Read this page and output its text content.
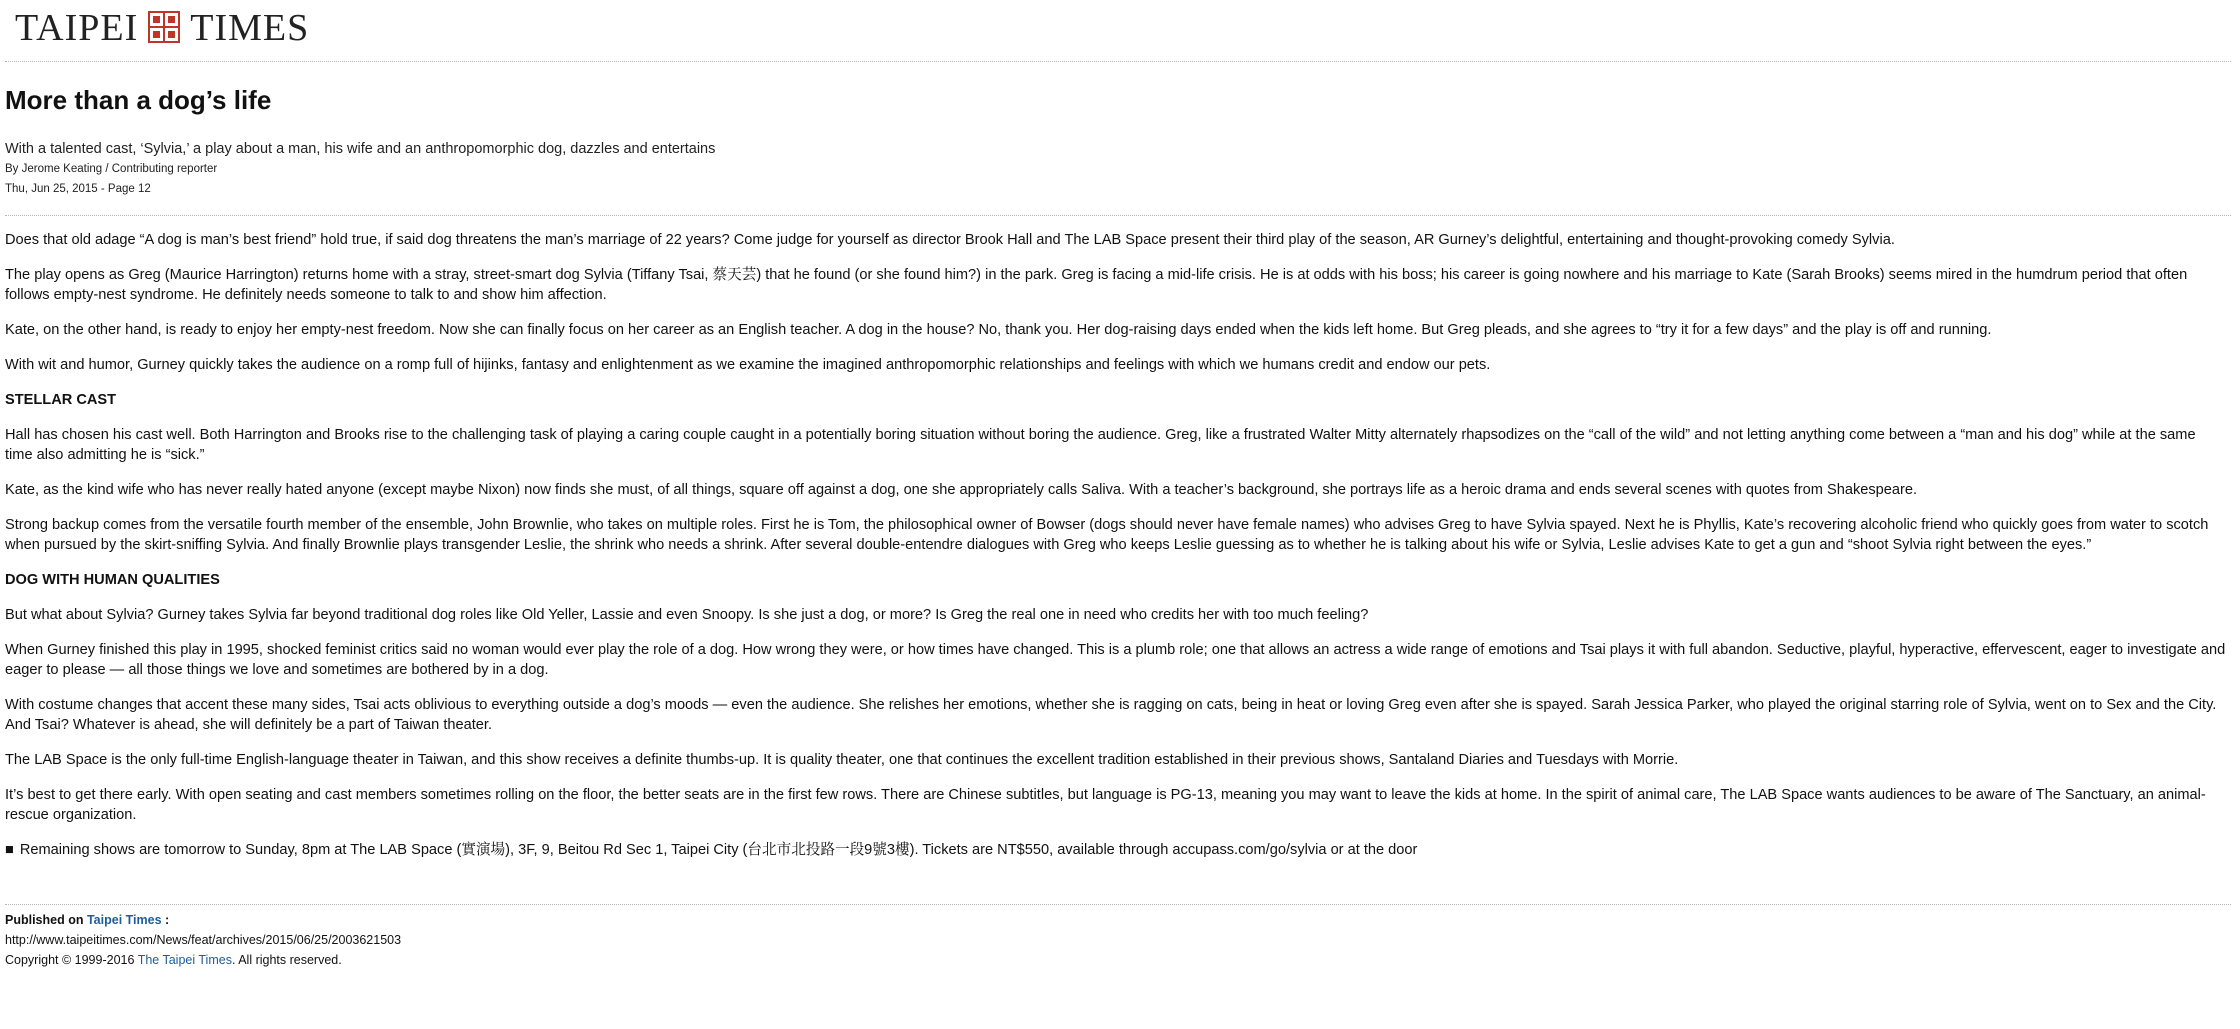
TAIPEI TIMES
More than a dog’s life
With a talented cast, ‘Sylvia,’ a play about a man, his wife and an anthropomorphic dog, dazzles and entertains
By Jerome Keating / Contributing reporter
Thu, Jun 25, 2015 - Page 12

Does that old adage “A dog is man’s best friend” hold true, if said dog threatens the man’s marriage of 22 years? Come judge for yourself as director Brook Hall and The LAB Space present their third play of the season, AR Gurney’s delightful, entertaining and thought-provoking comedy Sylvia.

The play opens as Greg (Maurice Harrington) returns home with a stray, street-smart dog Sylvia (Tiffany Tsai, 蔡天芸) that he found (or she found him?) in the park. Greg is facing a mid-life crisis. He is at odds with his boss; his career is going nowhere and his marriage to Kate (Sarah Brooks) seems mired in the humdrum period that often follows empty-nest syndrome. He definitely needs someone to talk to and show him affection.

Kate, on the other hand, is ready to enjoy her empty-nest freedom. Now she can finally focus on her career as an English teacher. A dog in the house? No, thank you. Her dog-raising days ended when the kids left home. But Greg pleads, and she agrees to “try it for a few days” and the play is off and running.

With wit and humor, Gurney quickly takes the audience on a romp full of hijinks, fantasy and enlightenment as we examine the imagined anthropomorphic relationships and feelings with which we humans credit and endow our pets.

STELLAR CAST

Hall has chosen his cast well. Both Harrington and Brooks rise to the challenging task of playing a caring couple caught in a potentially boring situation without boring the audience. Greg, like a frustrated Walter Mitty alternately rhapsodizes on the “call of the wild” and not letting anything come between a “man and his dog” while at the same time also admitting he is “sick.”

Kate, as the kind wife who has never really hated anyone (except maybe Nixon) now finds she must, of all things, square off against a dog, one she appropriately calls Saliva. With a teacher’s background, she portrays life as a heroic drama and ends several scenes with quotes from Shakespeare.

Strong backup comes from the versatile fourth member of the ensemble, John Brownlie, who takes on multiple roles. First he is Tom, the philosophical owner of Bowser (dogs should never have female names) who advises Greg to have Sylvia spayed. Next he is Phyllis, Kate’s recovering alcoholic friend who quickly goes from water to scotch when pursued by the skirt-sniffing Sylvia. And finally Brownlie plays transgender Leslie, the shrink who needs a shrink. After several double-entendre dialogues with Greg who keeps Leslie guessing as to whether he is talking about his wife or Sylvia, Leslie advises Kate to get a gun and “shoot Sylvia right between the eyes.”

DOG WITH HUMAN QUALITIES

But what about Sylvia? Gurney takes Sylvia far beyond traditional dog roles like Old Yeller, Lassie and even Snoopy. Is she just a dog, or more? Is Greg the real one in need who credits her with too much feeling?

When Gurney finished this play in 1995, shocked feminist critics said no woman would ever play the role of a dog. How wrong they were, or how times have changed. This is a plumb role; one that allows an actress a wide range of emotions and Tsai plays it with full abandon. Seductive, playful, hyperactive, effervescent, eager to investigate and eager to please — all those things we love and sometimes are bothered by in a dog.

With costume changes that accent these many sides, Tsai acts oblivious to everything outside a dog’s moods — even the audience. She relishes her emotions, whether she is ragging on cats, being in heat or loving Greg even after she is spayed. Sarah Jessica Parker, who played the original starring role of Sylvia, went on to Sex and the City. And Tsai? Whatever is ahead, she will definitely be a part of Taiwan theater.

The LAB Space is the only full-time English-language theater in Taiwan, and this show receives a definite thumbs-up. It is quality theater, one that continues the excellent tradition established in their previous shows, Santaland Diaries and Tuesdays with Morrie.

It’s best to get there early. With open seating and cast members sometimes rolling on the floor, the better seats are in the first few rows. There are Chinese subtitles, but language is PG-13, meaning you may want to leave the kids at home. In the spirit of animal care, The LAB Space wants audiences to be aware of The Sanctuary, an animal-rescue organization.

■ Remaining shows are tomorrow to Sunday, 8pm at The LAB Space (實演場), 3F, 9, Beitou Rd Sec 1, Taipei City (台北市北投路一段9號3樓). Tickets are NT$550, available through accupass.com/go/sylvia or at the door

Published on Taipei Times :
http://www.taipeitimes.com/News/feat/archives/2015/06/25/2003621503
Copyright © 1999-2016 The Taipei Times. All rights reserved.
